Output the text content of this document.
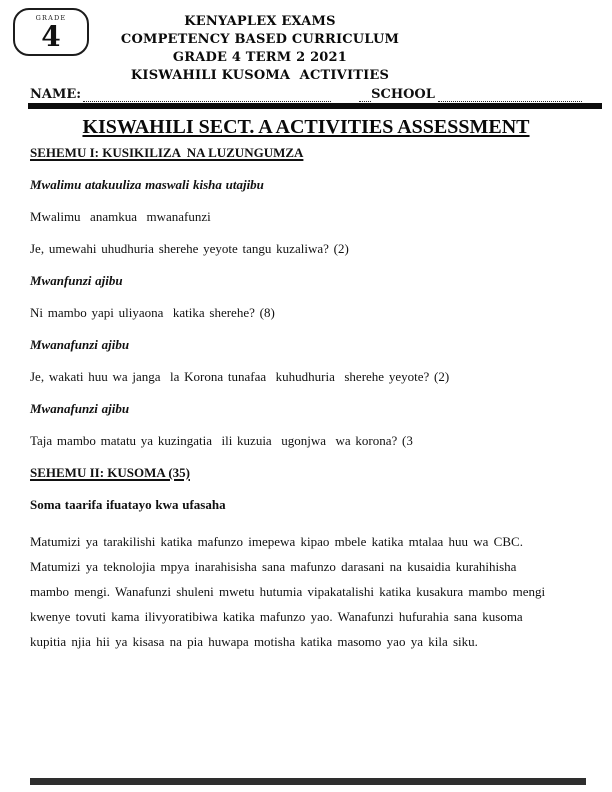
GRADE
4	KENYAPLEX EXAMS
COMPETENCY BASED CURRICULUM
GRADE 4 TERM 2 2021
KISWAHILI KUSOMA  ACTIVITIES
NAME:	SCHOOL
KISWAHILI SECT. A ACTIVITIES ASSESSMENT
SEHEMU I: KUSIKILIZA  NA LUZUNGUMZA
Mwalimu atakuuliza maswali kisha utajibu
Mwalimu  anamkua  mwanafunzi
Je, umewahi uhudhuria sherehe yeyote tangu kuzaliwa? (2)
Mwanfunzi ajibu
Ni mambo yapi uliyaona  katika sherehe? (8)
Mwanafunzi ajibu
Je, wakati huu wa janga  la Korona tunafaa  kuhudhuria  sherehe yeyote? (2)
Mwanafunzi ajibu
Taja mambo matatu ya kuzingatia  ili kuzuia  ugonjwa  wa korona? (3
SEHEMU II: KUSOMA (35)
Soma taarifa ifuatayo kwa ufasaha
Matumizi ya tarakilishi katika mafunzo imepewa kipao mbele katika mtalaa huu wa CBC.
Matumizi ya teknolojia mpya inarahisisha sana mafunzo darasani na kusaidia kurahihisha
mambo mengi. Wanafunzi shuleni mwetu hutumia vipakatalishi katika kusakura mambo mengi
kwenye tovuti kama ilivyoratibiwa katika mafunzo yao. Wanafunzi hufurahia sana kusoma
kupitia njia hii ya kisasa na pia huwapa motisha katika masomo yao ya kila siku.
